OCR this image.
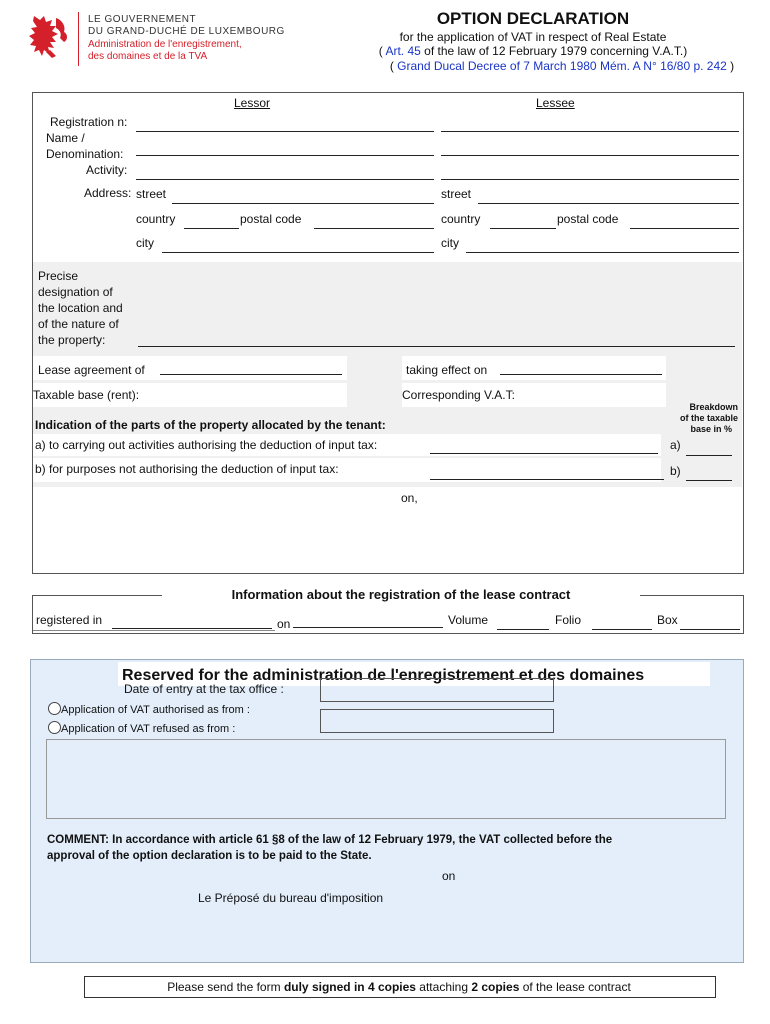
LE GOUVERNEMENT
DU GRAND-DUCHÉ DE LUXEMBOURG
Administration de l'enregistrement,
des domaines et de la TVA
OPTION DECLARATION
for the application of VAT in respect of Real Estate
( Art. 45 of the law of 12 February 1979 concerning V.A.T.)
( Grand Ducal Decree of 7 March 1980 Mém. A N° 16/80 p. 242 )
Lessor	Lessee
Registration n:
Name /
Denomination:
Activity:
Address: street
country	postal code
city
street
country	postal code
city
Precise
designation of
the location and
of the nature of
the property:
Lease agreement of	taking effect on
Taxable base (rent):	Corresponding V.A.T:
Breakdown
of the taxable
base in %
Indication of the parts of the property allocated by the tenant:
a) to carrying out activities authorising the deduction of input tax:	a)
b) for purposes not authorising the deduction of input tax:	b)
on,
Information about the registration of the lease contract
registered in	on	Volume	Folio	Box
Reserved for the administration de l'enregistrement et des domaines
Date of entry at the tax office :
Application of VAT authorised as from :
Application of VAT refused as from :
COMMENT: In accordance with article 61 §8 of the law of 12 February 1979, the VAT collected before the
approval of the option declaration is to be paid to the State.
on
Le Préposé du bureau d'imposition
Please send the form duly signed in 4 copies attaching 2 copies of the lease contract
